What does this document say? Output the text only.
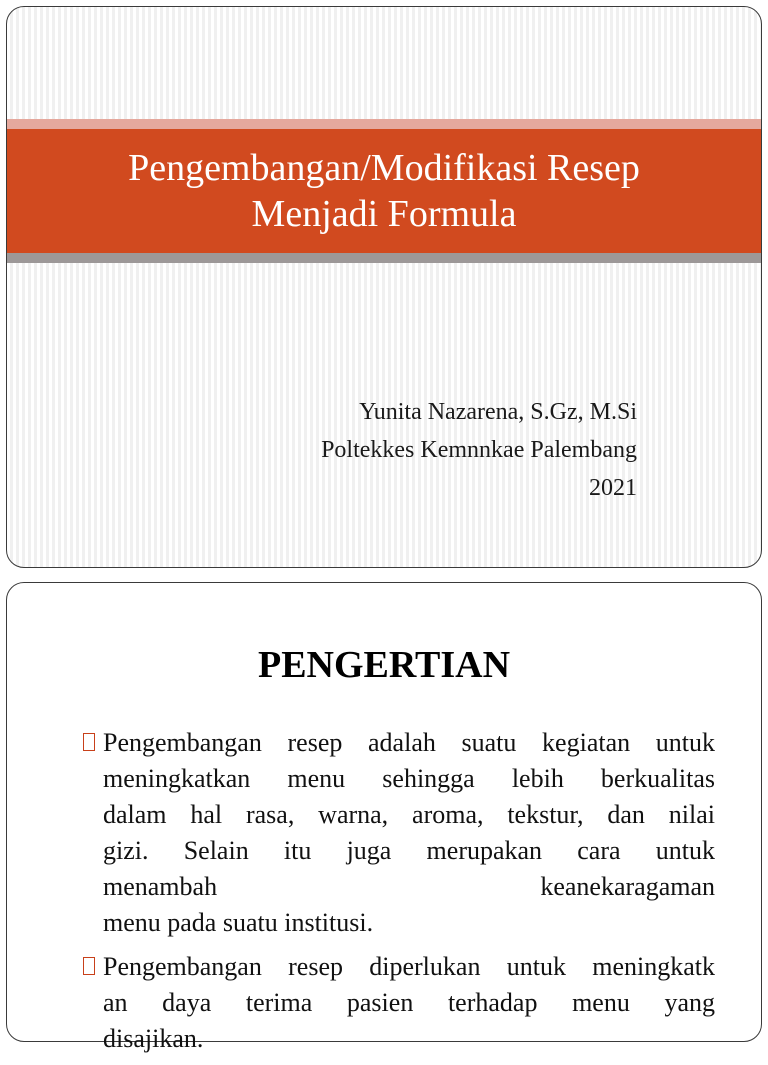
Pengembangan/Modifikasi Resep
Menjadi Formula
Yunita Nazarena, S.Gz, M.Si
Poltekkes Kemnnkae Palembang
2021
PENGERTIAN
Pengembangan resep adalah suatu kegiatan untuk
meningkatkan menu sehingga lebih berkualitas
dalam hal rasa, warna, aroma, tekstur, dan nilai
gizi. Selain itu juga merupakan cara untuk
menambah keanekaragaman
menu pada suatu institusi.
Pengembangan resep diperlukan untuk meningkatk
an daya terima pasien terhadap menu yang
disajikan.
